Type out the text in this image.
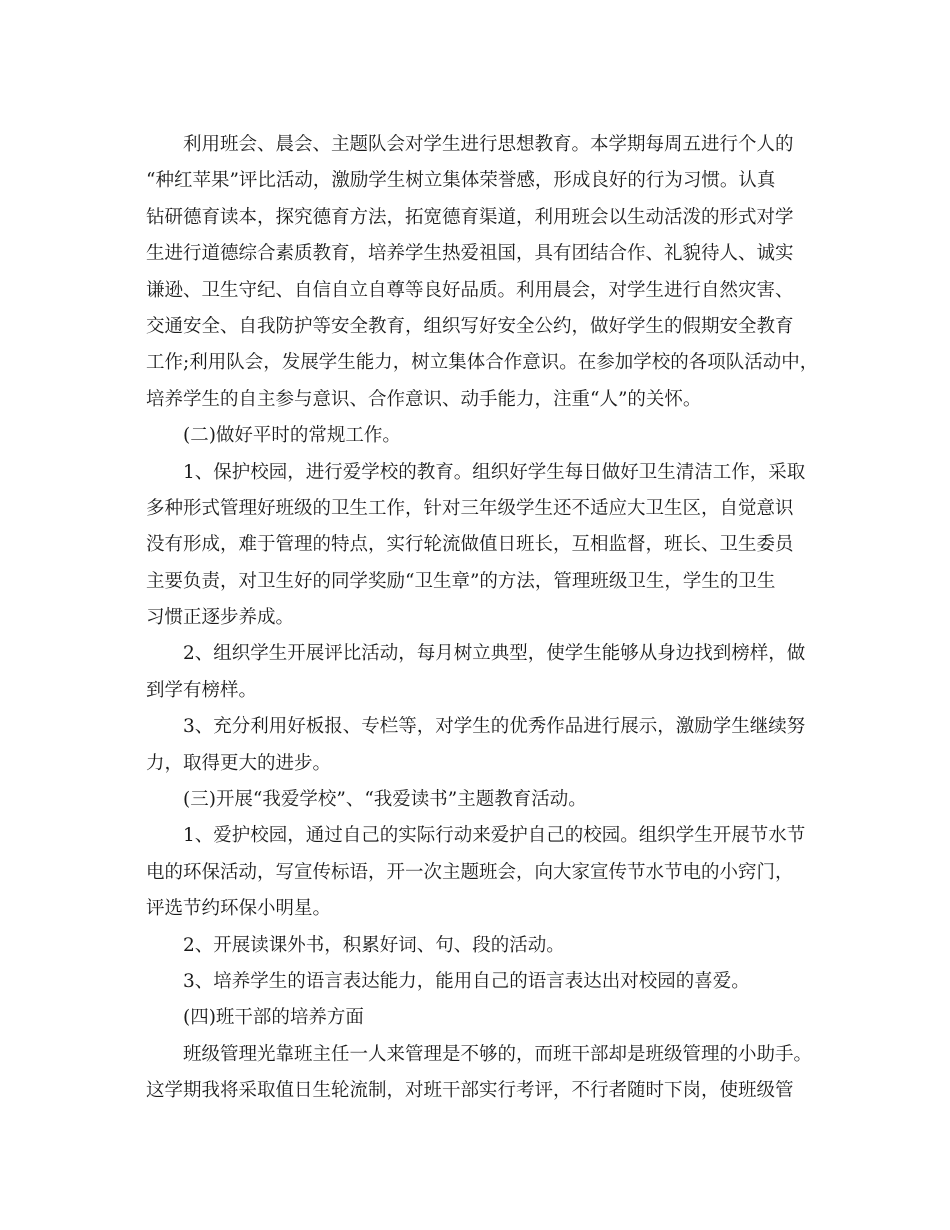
利用班会、晨会、主题队会对学生进行思想教育。本学期每周五进行个人的
“种红苹果”评比活动，激励学生树立集体荣誉感，形成良好的行为习惯。认真
钻研德育读本，探究德育方法，拓宽德育渠道，利用班会以生动活泼的形式对学
生进行道德综合素质教育，培养学生热爱祖国，具有团结合作、礼貌待人、诚实
谦逊、卫生守纪、自信自立自尊等良好品质。利用晨会，对学生进行自然灾害、
交通安全、自我防护等安全教育，组织写好安全公约，做好学生的假期安全教育
工作;利用队会，发展学生能力，树立集体合作意识。在参加学校的各项队活动中，
培养学生的自主参与意识、合作意识、动手能力，注重“人”的关怀。
(二)做好平时的常规工作。
1、保护校园，进行爱学校的教育。组织好学生每日做好卫生清洁工作，采取
多种形式管理好班级的卫生工作，针对三年级学生还不适应大卫生区，自觉意识
没有形成，难于管理的特点，实行轮流做值日班长，互相监督，班长、卫生委员
主要负责，对卫生好的同学奖励“卫生章”的方法，管理班级卫生，学生的卫生
习惯正逐步养成。
2、组织学生开展评比活动，每月树立典型，使学生能够从身边找到榜样，做
到学有榜样。
3、充分利用好板报、专栏等，对学生的优秀作品进行展示，激励学生继续努
力，取得更大的进步。
(三)开展“我爱学校”、“我爱读书”主题教育活动。
1、爱护校园，通过自己的实际行动来爱护自己的校园。组织学生开展节水节
电的环保活动，写宣传标语，开一次主题班会，向大家宣传节水节电的小窍门，
评选节约环保小明星。
2、开展读课外书，积累好词、句、段的活动。
3、培养学生的语言表达能力，能用自己的语言表达出对校园的喜爱。
(四)班干部的培养方面
班级管理光靠班主任一人来管理是不够的，而班干部却是班级管理的小助手。
这学期我将采取值日生轮流制，对班干部实行考评，不行者随时下岗，使班级管
